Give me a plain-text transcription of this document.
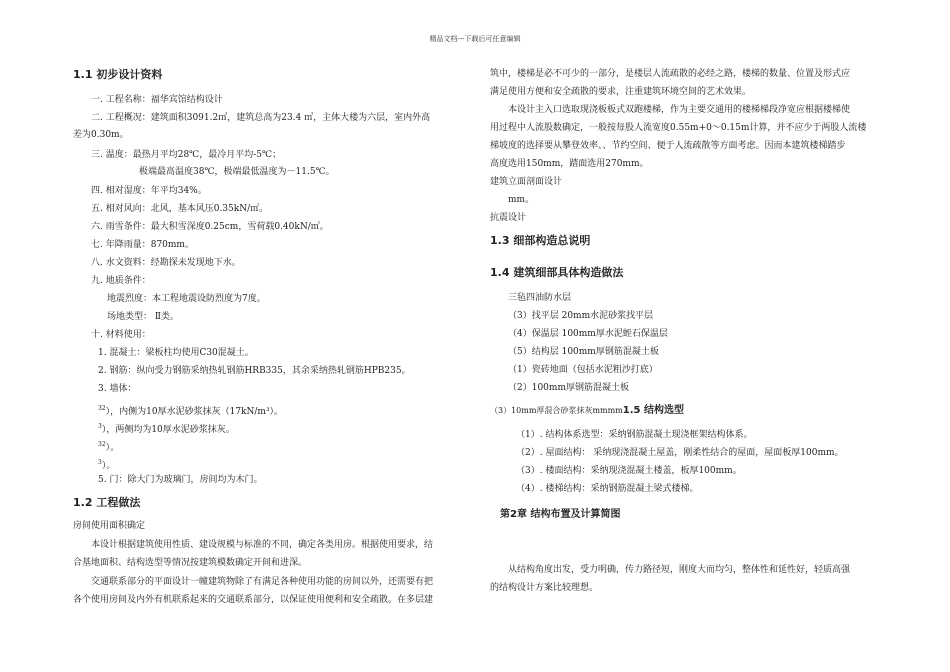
精品文档---下载后可任意编辑
1.1 初步设计资料
一. 工程名称：福华宾馆结构设计
二. 工程概况：建筑面积3091.2㎡，建筑总高为23.4 ㎡，主体大楼为六层，室内外高
差为0.30m。
三. 温度：最热月平均28℃，最冷月平均-5℃；
极端最高温度38℃，极端最低温度为－11.5℃。
四. 相对湿度：年平均34%。
五. 相对风向：北风，基本风压0.35kN/㎡。
六. 雨雪条件：最大积雪深度0.25cm，雪荷载0.40kN/㎡。
七. 年降雨量：870mm。
八. 水文资料：经勘探未发现地下水。
九. 地质条件：
地震烈度：本工程地震设防烈度为7度。
场地类型： Ⅱ类。
十. 材料使用：
1. 混凝土：梁板柱均使用C30混凝土。
2. 钢筋：纵向受力钢筋采纳热轧钢筋HRB335，其余采纳热轧钢筋HPB235。
3. 墙体：
$^{32}$），内侧为10厚水泥砂浆抹灰（17kN/m³）。
$^3$），两侧均为10厚水泥砂浆抹灰。
$^{32}$）。
$^3$）。
5. 门：除大门为玻璃门，房间均为木门。
1.2 工程做法
房间使用面积确定
本设计根据建筑使用性质、建设规模与标准的不同，确定各类用房。根据使用要求，结
合基地面积、结构选型等情况按建筑模数确定开间和进深。
交通联系部分的平面设计一幢建筑物除了有满足各种使用功能的房间以外，还需要有把
各个使用房间及内外有机联系起来的交通联系部分，以保证使用便利和安全疏散。在多层建
筑中，楼梯是必不可少的一部分，是楼层人流疏散的必经之路，楼梯的数量、位置及形式应
满足使用方便和安全疏散的要求，注重建筑环境空间的艺术效果。
本设计主入口选取现浇板板式双跑楼梯，作为主要交通用的楼梯梯段净宽应根据楼梯使
用过程中人流股数确定，一般按每股人流宽度0.55m+0～0.15m计算，并不应少于两股人流楼
梯坡度的选择要从攀登效率、、节约空间、便于人流疏散等方面考虑。因而本建筑楼梯踏步
高度选用150mm，踏面选用270mm。
建筑立面剖面设计
mm。
抗震设计
1.3 细部构造总说明
1.4 建筑细部具体构造做法
三毡四油防水层
（3）找平层 20mm水泥砂浆找平层
（4）保温层 100mm厚水泥蛭石保温层
（5）结构层 100mm厚钢筋混凝土板
（1）瓷砖地面（包括水泥粗沙打底）
（2）100mm厚钢筋混凝土板
（3）10mm厚混合砂浆抹灰mmmm1.5 结构选型
（1）. 结构体系选型：采纳钢筋混凝土现浇框架结构体系。
（2）. 屋面结构： 采纳现浇混凝土屋盖，刚柔性结合的屋面，屋面板厚100mm。
（3）. 楼面结构：采纳现浇混凝土楼盖，板厚100mm。
（4）. 楼梯结构：采纳钢筋混凝土梁式楼梯。
第2章 结构布置及计算简图
从结构角度出发，受力明确，传力路径短，刚度大而均匀，整体性和延性好，轻质高强
的结构设计方案比较理想。
